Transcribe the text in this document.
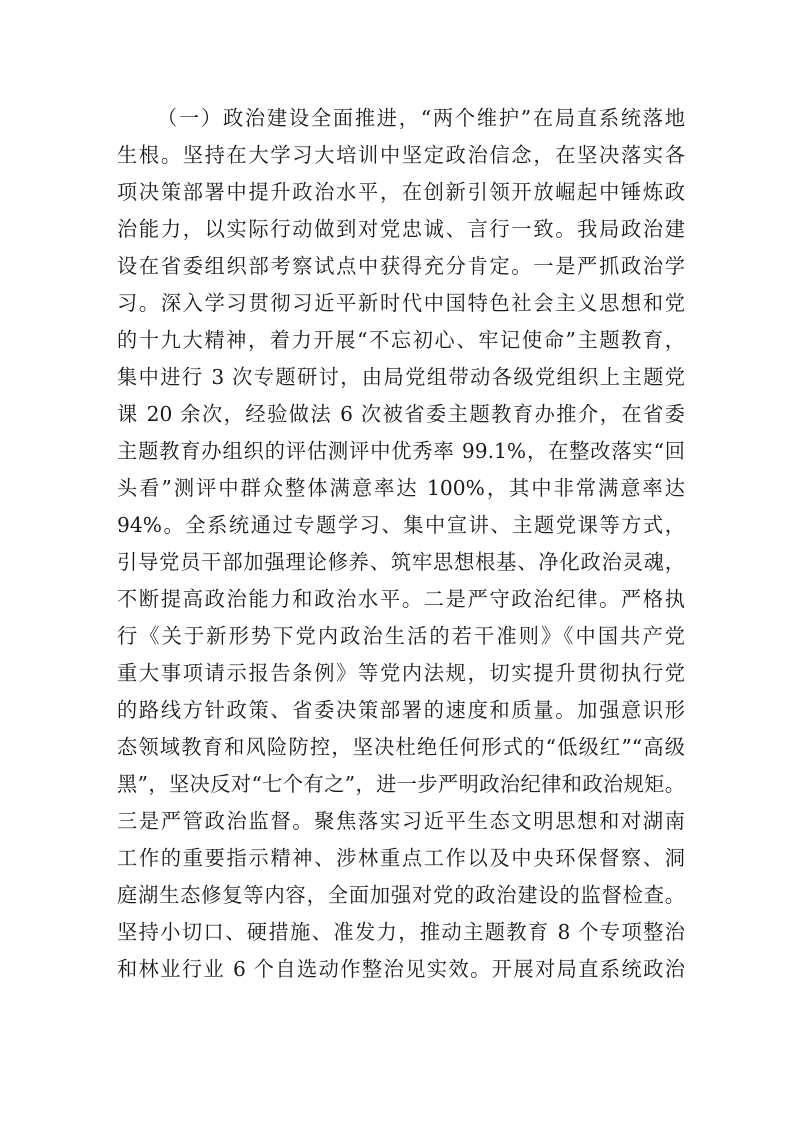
（一）政治建设全面推进，“两个维护”在局直系统落地
生根。坚持在大学习大培训中坚定政治信念，在坚决落实各
项决策部署中提升政治水平，在创新引领开放崛起中锤炼政
治能力，以实际行动做到对党忠诚、言行一致。我局政治建
设在省委组织部考察试点中获得充分肯定。一是严抓政治学
习。深入学习贯彻习近平新时代中国特色社会主义思想和党
的十九大精神，着力开展“不忘初心、牢记使命”主题教育，
集中进行 3 次专题研讨，由局党组带动各级党组织上主题党
课 20 余次，经验做法 6 次被省委主题教育办推介，在省委
主题教育办组织的评估测评中优秀率 99.1%，在整改落实“回
头看”测评中群众整体满意率达 100%，其中非常满意率达
94%。全系统通过专题学习、集中宣讲、主题党课等方式，
引导党员干部加强理论修养、筑牢思想根基、净化政治灵魂，
不断提高政治能力和政治水平。二是严守政治纪律。严格执
行《关于新形势下党内政治生活的若干准则》《中国共产党
重大事项请示报告条例》等党内法规，切实提升贯彻执行党
的路线方针政策、省委决策部署的速度和质量。加强意识形
态领域教育和风险防控，坚决杜绝任何形式的“低级红”“高级
黑”，坚决反对“七个有之”，进一步严明政治纪律和政治规矩。
三是严管政治监督。聚焦落实习近平生态文明思想和对湖南
工作的重要指示精神、涉林重点工作以及中央环保督察、洞
庭湖生态修复等内容，全面加强对党的政治建设的监督检查。
坚持小切口、硬措施、准发力，推动主题教育 8 个专项整治
和林业行业 6 个自选动作整治见实效。开展对局直系统政治
